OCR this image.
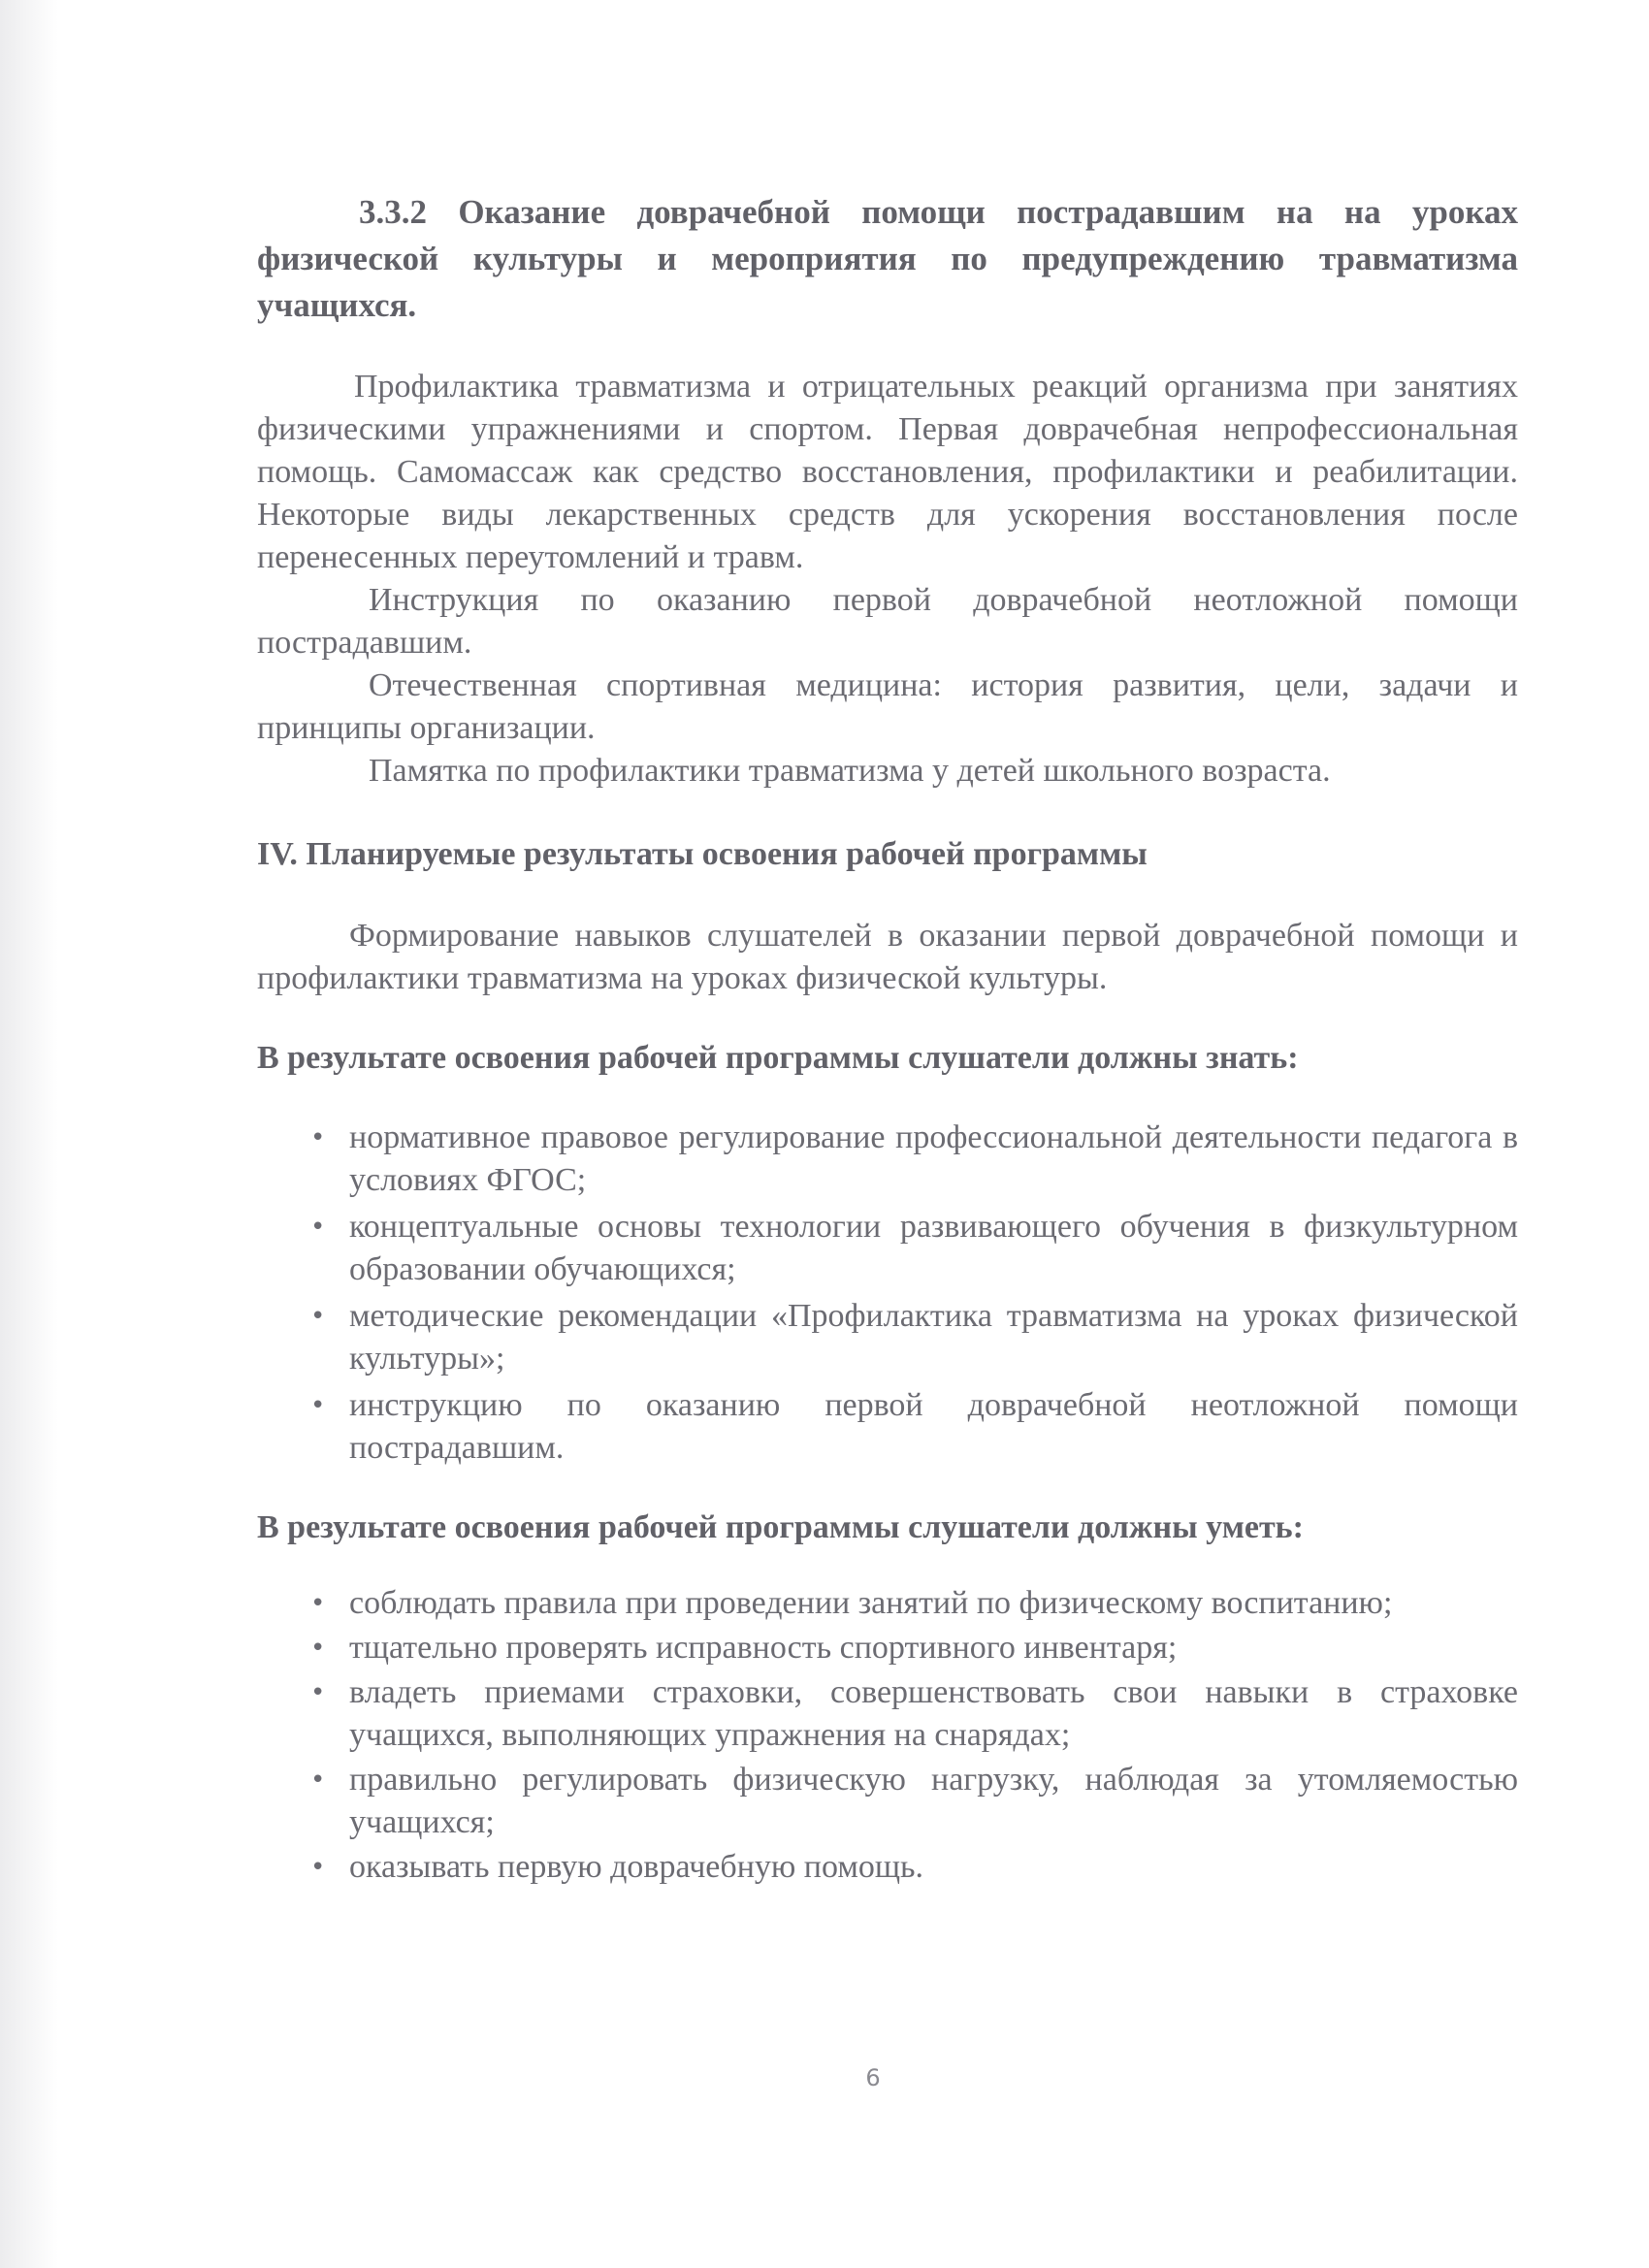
3.3.2 Оказание доврачебной помощи пострадавшим на на уроках физической культуры и мероприятия по предупреждению травматизма учащихся.

Профилактика травматизма и отрицательных реакций организма при занятиях физическими упражнениями и спортом. Первая доврачебная непрофессиональная помощь. Самомассаж как средство восстановления, профилактики и реабилитации. Некоторые виды лекарственных средств для ускорения восстановления после перенесенных переутомлений и травм.

Инструкция по оказанию первой доврачебной неотложной помощи пострадавшим.

Отечественная спортивная медицина: история развития, цели, задачи и принципы организации.

Памятка по профилактики травматизма у детей школьного возраста.

IV. Планируемые результаты освоения рабочей программы

Формирование навыков слушателей в оказании первой доврачебной помощи и профилактики травматизма на уроках физической культуры.

В результате освоения рабочей программы слушатели должны знать:
• нормативное правовое регулирование профессиональной деятельности педагога в условиях ФГОС;
• концептуальные основы технологии развивающего обучения в физкультурном образовании обучающихся;
• методические рекомендации «Профилактика травматизма на уроках физической культуры»;
• инструкцию по оказанию первой доврачебной неотложной помощи пострадавшим.
В результате освоения рабочей программы слушатели должны уметь:
• соблюдать правила при проведении занятий по физическому воспитанию;
• тщательно проверять исправность спортивного инвентаря;
• владеть приемами страховки, совершенствовать свои навыки в страховке учащихся, выполняющих упражнения на снарядах;
• правильно регулировать физическую нагрузку, наблюдая за утомляемостью учащихся;
• оказывать первую доврачебную помощь.
6
